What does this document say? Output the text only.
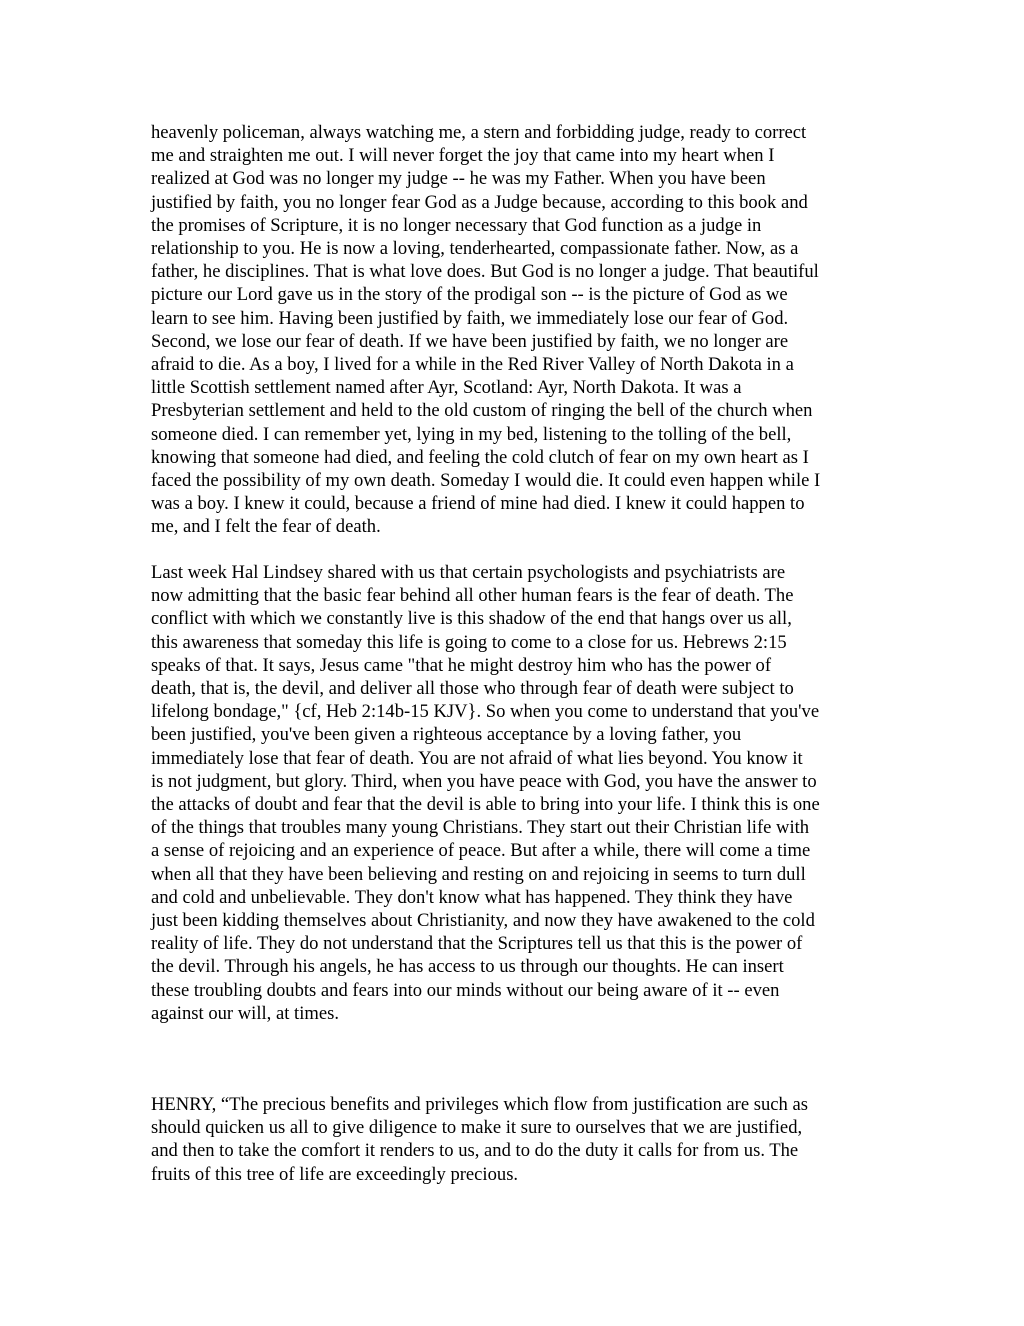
heavenly policeman, always watching me, a stern and forbidding judge, ready to correct
me and straighten me out. I will never forget the joy that came into my heart when I
realized at God was no longer my judge -- he was my Father. When you have been
justified by faith, you no longer fear God as a Judge because, according to this book and
the promises of Scripture, it is no longer necessary that God function as a judge in
relationship to you. He is now a loving, tenderhearted, compassionate father. Now, as a
father, he disciplines. That is what love does. But God is no longer a judge. That beautiful
picture our Lord gave us in the story of the prodigal son -- is the picture of God as we
learn to see him. Having been justified by faith, we immediately lose our fear of God.
Second, we lose our fear of death. If we have been justified by faith, we no longer are
afraid to die. As a boy, I lived for a while in the Red River Valley of North Dakota in a
little Scottish settlement named after Ayr, Scotland: Ayr, North Dakota. It was a
Presbyterian settlement and held to the old custom of ringing the bell of the church when
someone died. I can remember yet, lying in my bed, listening to the tolling of the bell,
knowing that someone had died, and feeling the cold clutch of fear on my own heart as I
faced the possibility of my own death. Someday I would die. It could even happen while I
was a boy. I knew it could, because a friend of mine had died. I knew it could happen to
me, and I felt the fear of death.
Last week Hal Lindsey shared with us that certain psychologists and psychiatrists are
now admitting that the basic fear behind all other human fears is the fear of death. The
conflict with which we constantly live is this shadow of the end that hangs over us all,
this awareness that someday this life is going to come to a close for us. Hebrews 2:15
speaks of that. It says, Jesus came "that he might destroy him who has the power of
death, that is, the devil, and deliver all those who through fear of death were subject to
lifelong bondage," {cf, Heb 2:14b-15 KJV}. So when you come to understand that you've
been justified, you've been given a righteous acceptance by a loving father, you
immediately lose that fear of death. You are not afraid of what lies beyond. You know it
is not judgment, but glory. Third, when you have peace with God, you have the answer to
the attacks of doubt and fear that the devil is able to bring into your life. I think this is one
of the things that troubles many young Christians. They start out their Christian life with
a sense of rejoicing and an experience of peace. But after a while, there will come a time
when all that they have been believing and resting on and rejoicing in seems to turn dull
and cold and unbelievable. They don't know what has happened. They think they have
just been kidding themselves about Christianity, and now they have awakened to the cold
reality of life. They do not understand that the Scriptures tell us that this is the power of
the devil. Through his angels, he has access to us through our thoughts. He can insert
these troubling doubts and fears into our minds without our being aware of it -- even
against our will, at times.
HENRY, “The precious benefits and privileges which flow from justification are such as
should quicken us all to give diligence to make it sure to ourselves that we are justified,
and then to take the comfort it renders to us, and to do the duty it calls for from us. The
fruits of this tree of life are exceedingly precious.
